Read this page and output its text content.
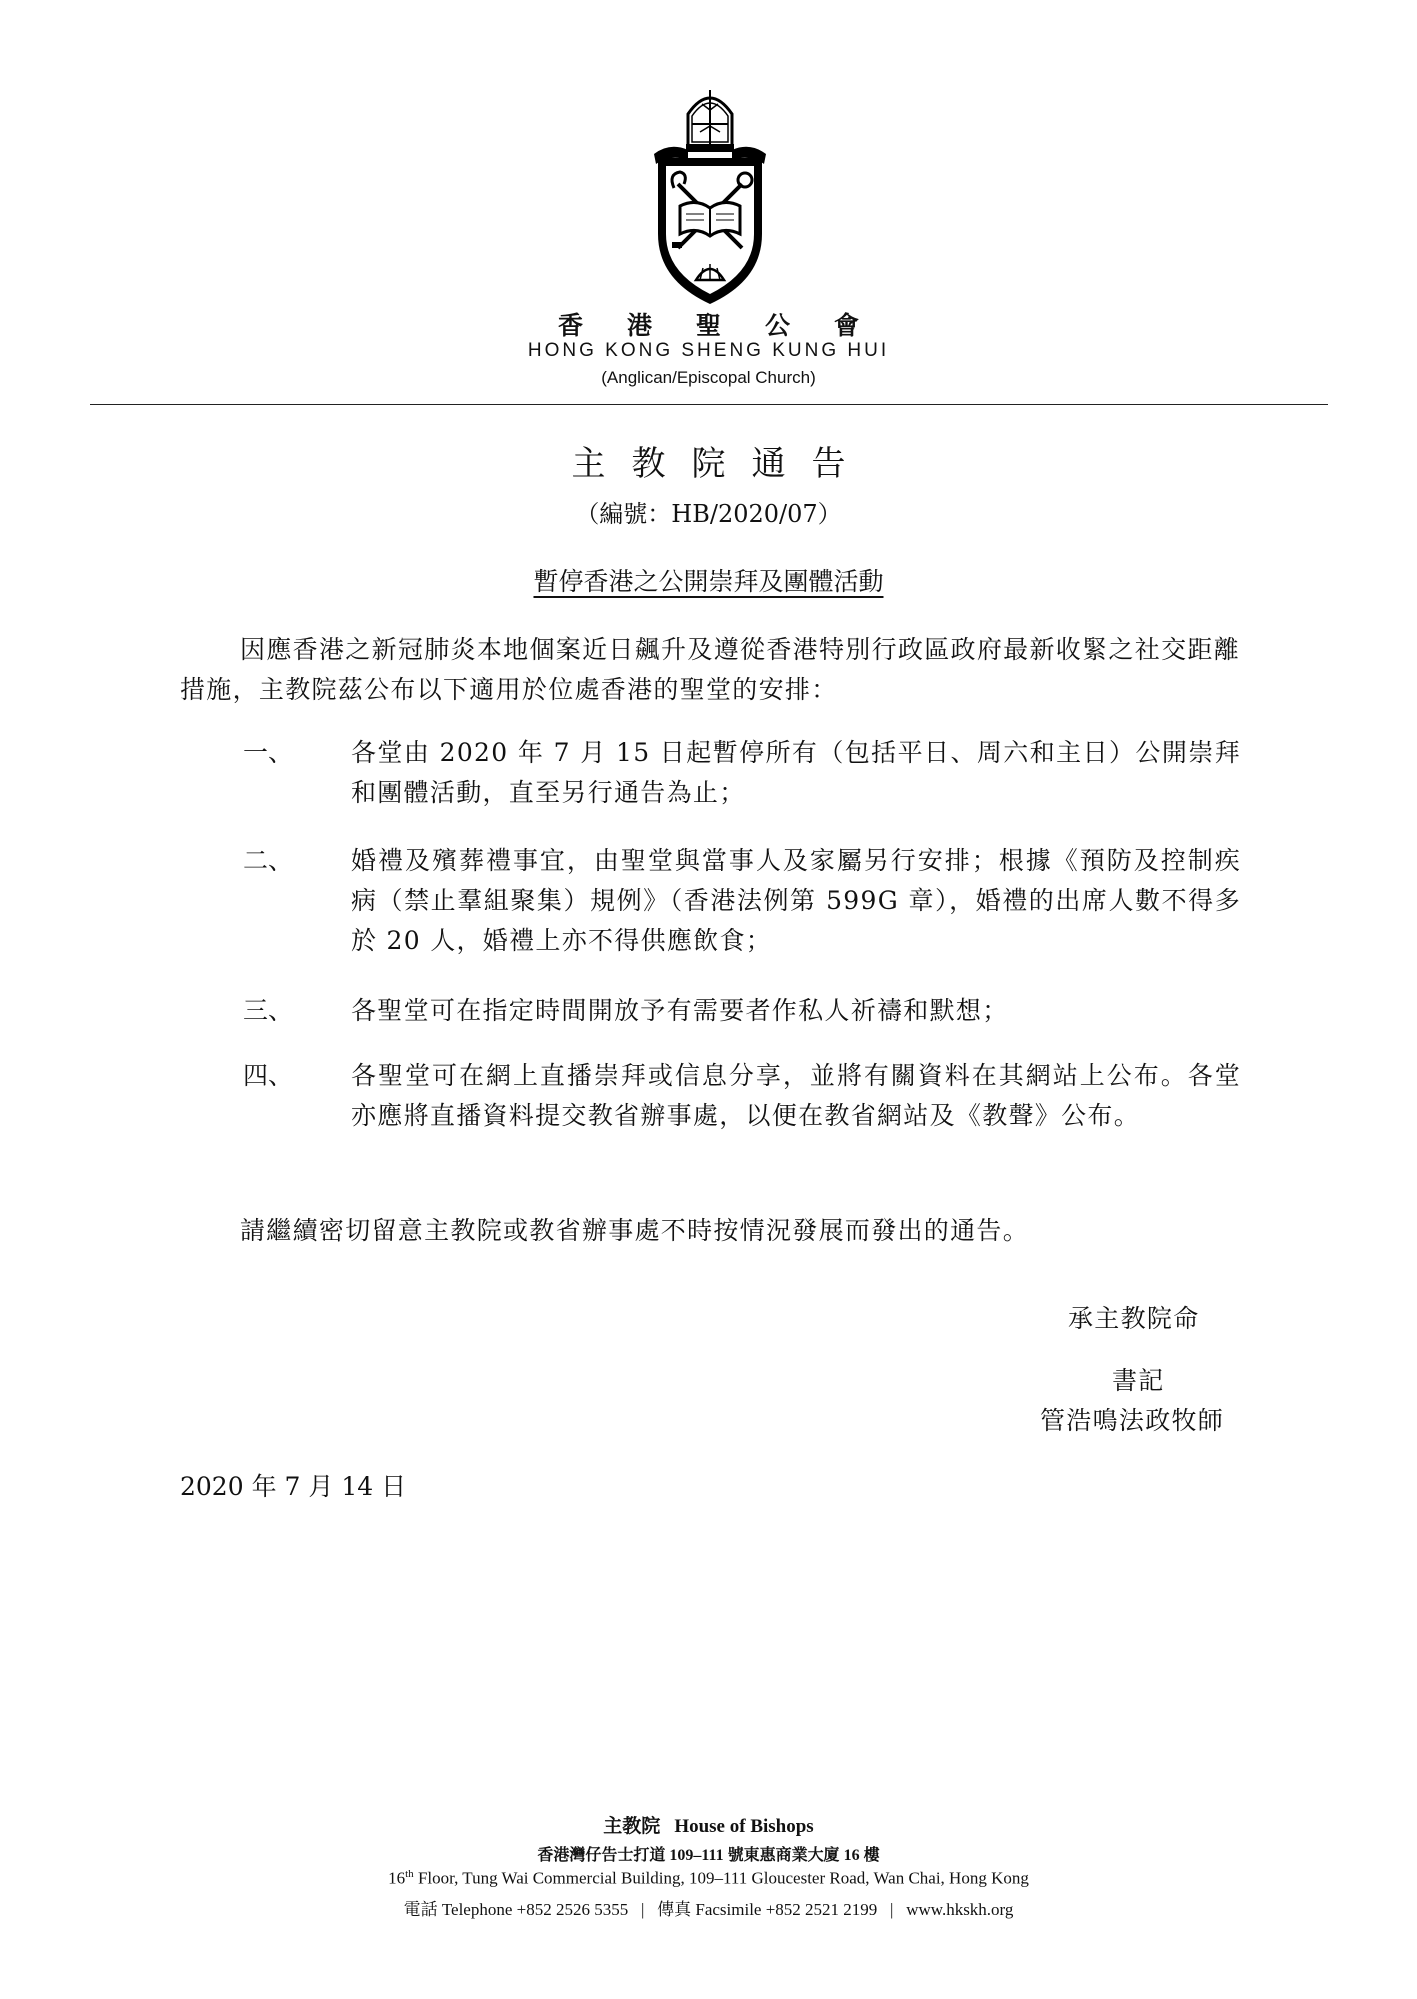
香港聖公會
HONG KONG SHENG KUNG HUI
(Anglican/Episcopal Church)
主教院通告
（編號：HB/2020/07）
暫停香港之公開崇拜及團體活動
因應香港之新冠肺炎本地個案近日飆升及遵從香港特別行政區政府最新收緊之社交距離措施，主教院茲公布以下適用於位處香港的聖堂的安排：
一、	各堂由 2020 年 7 月 15 日起暫停所有（包括平日、周六和主日）公開崇拜和團體活動，直至另行通告為止；
二、	婚禮及殯葬禮事宜，由聖堂與當事人及家屬另行安排；根據《預防及控制疾病（禁止羣組聚集）規例》（香港法例第 599G 章），婚禮的出席人數不得多於 20 人，婚禮上亦不得供應飲食；
三、	各聖堂可在指定時間開放予有需要者作私人祈禱和默想；
四、	各聖堂可在網上直播崇拜或信息分享，並將有關資料在其網站上公布。各堂亦應將直播資料提交教省辦事處，以便在教省網站及《教聲》公布。
請繼續密切留意主教院或教省辦事處不時按情況發展而發出的通告。
承主教院命
書記
管浩鳴法政牧師
2020 年 7 月 14 日
主教院 House of Bishops
香港灣仔告士打道 109–111 號東惠商業大廈 16 樓
16th Floor, Tung Wai Commercial Building, 109–111 Gloucester Road, Wan Chai, Hong Kong
電話 Telephone +852 2526 5355   |   傳真 Facsimile +852 2521 2199   |   www.hkskh.org
